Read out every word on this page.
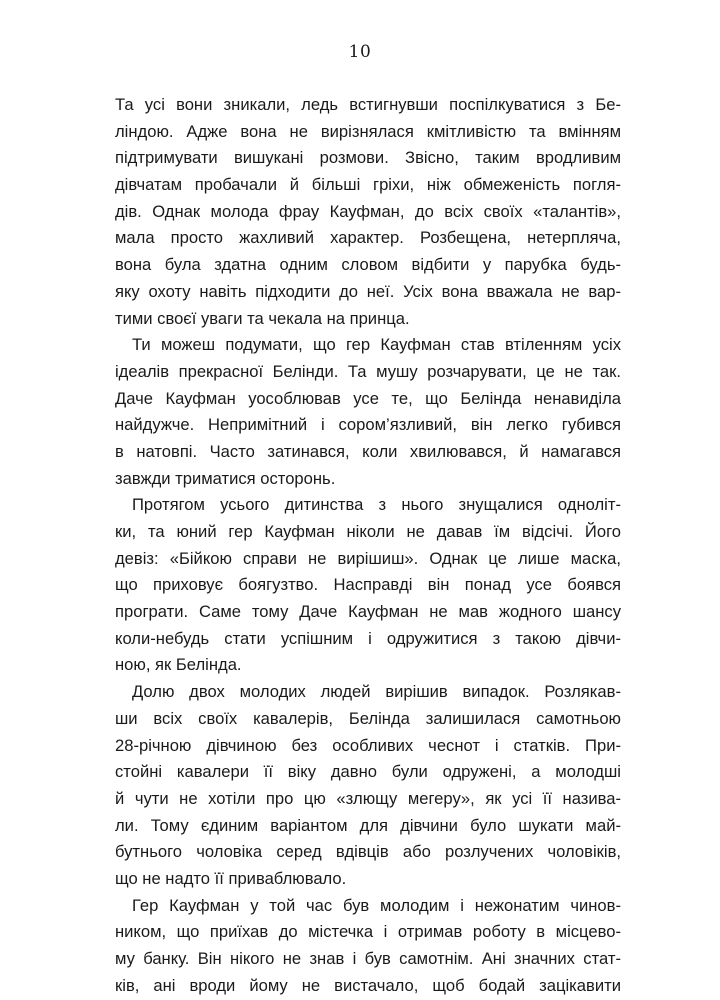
10
Та усі вони зникали, ледь встигнувши поспілкуватися з Бе-
ліндою. Адже вона не вирізнялася кмітливістю та вмінням
підтримувати вишукані розмови. Звісно, таким вродливим
дівчатам пробачали й більші гріхи, ніж обмеженість погля-
дів. Однак молода фрау Кауфман, до всіх своїх «талантів»,
мала просто жахливий характер. Розбещена, нетерпляча,
вона була здатна одним словом відбити у парубка будь-
яку охоту навіть підходити до неї. Усіх вона вважала не вар-
тими своєї уваги та чекала на принца.
Ти можеш подумати, що гер Кауфман став втіленням усіх
ідеалів прекрасної Белінди. Та мушу розчарувати, це не так.
Даче Кауфман уособлював усе те, що Белінда ненавиділа
найдужче. Непримітний і сором’язливий, він легко губився
в натовпі. Часто затинався, коли хвилювався, й намагався
завжди триматися осторонь.
Протягом усього дитинства з нього знущалися одноліт-
ки, та юний гер Кауфман ніколи не давав їм відсічі. Його
девіз: «Бійкою справи не вирішиш». Однак це лише маска,
що приховує боягузтво. Насправді він понад усе боявся
програти. Саме тому Даче Кауфман не мав жодного шансу
коли-небудь стати успішним і одружитися з такою дівчи-
ною, як Белінда.
Долю двох молодих людей вирішив випадок. Розлякав-
ши всіх своїх кавалерів, Белінда залишилася самотньою
28-річною дівчиною без особливих чеснот і статків. При-
стойні кавалери її віку давно були одружені, а молодші
й чути не хотіли про цю «злющу мегеру», як усі її назива-
ли. Тому єдиним варіантом для дівчини було шукати май-
бутнього чоловіка серед вдівців або розлучених чоловіків,
що не надто її приваблювало.
Гер Кауфман у той час був молодим і нежонатим чинов-
ником, що приїхав до містечка і отримав роботу в місцево-
му банку. Він нікого не знав і був самотнім. Ані значних стат-
ків, ані вроди йому не вистачало, щоб бодай зацікавити
